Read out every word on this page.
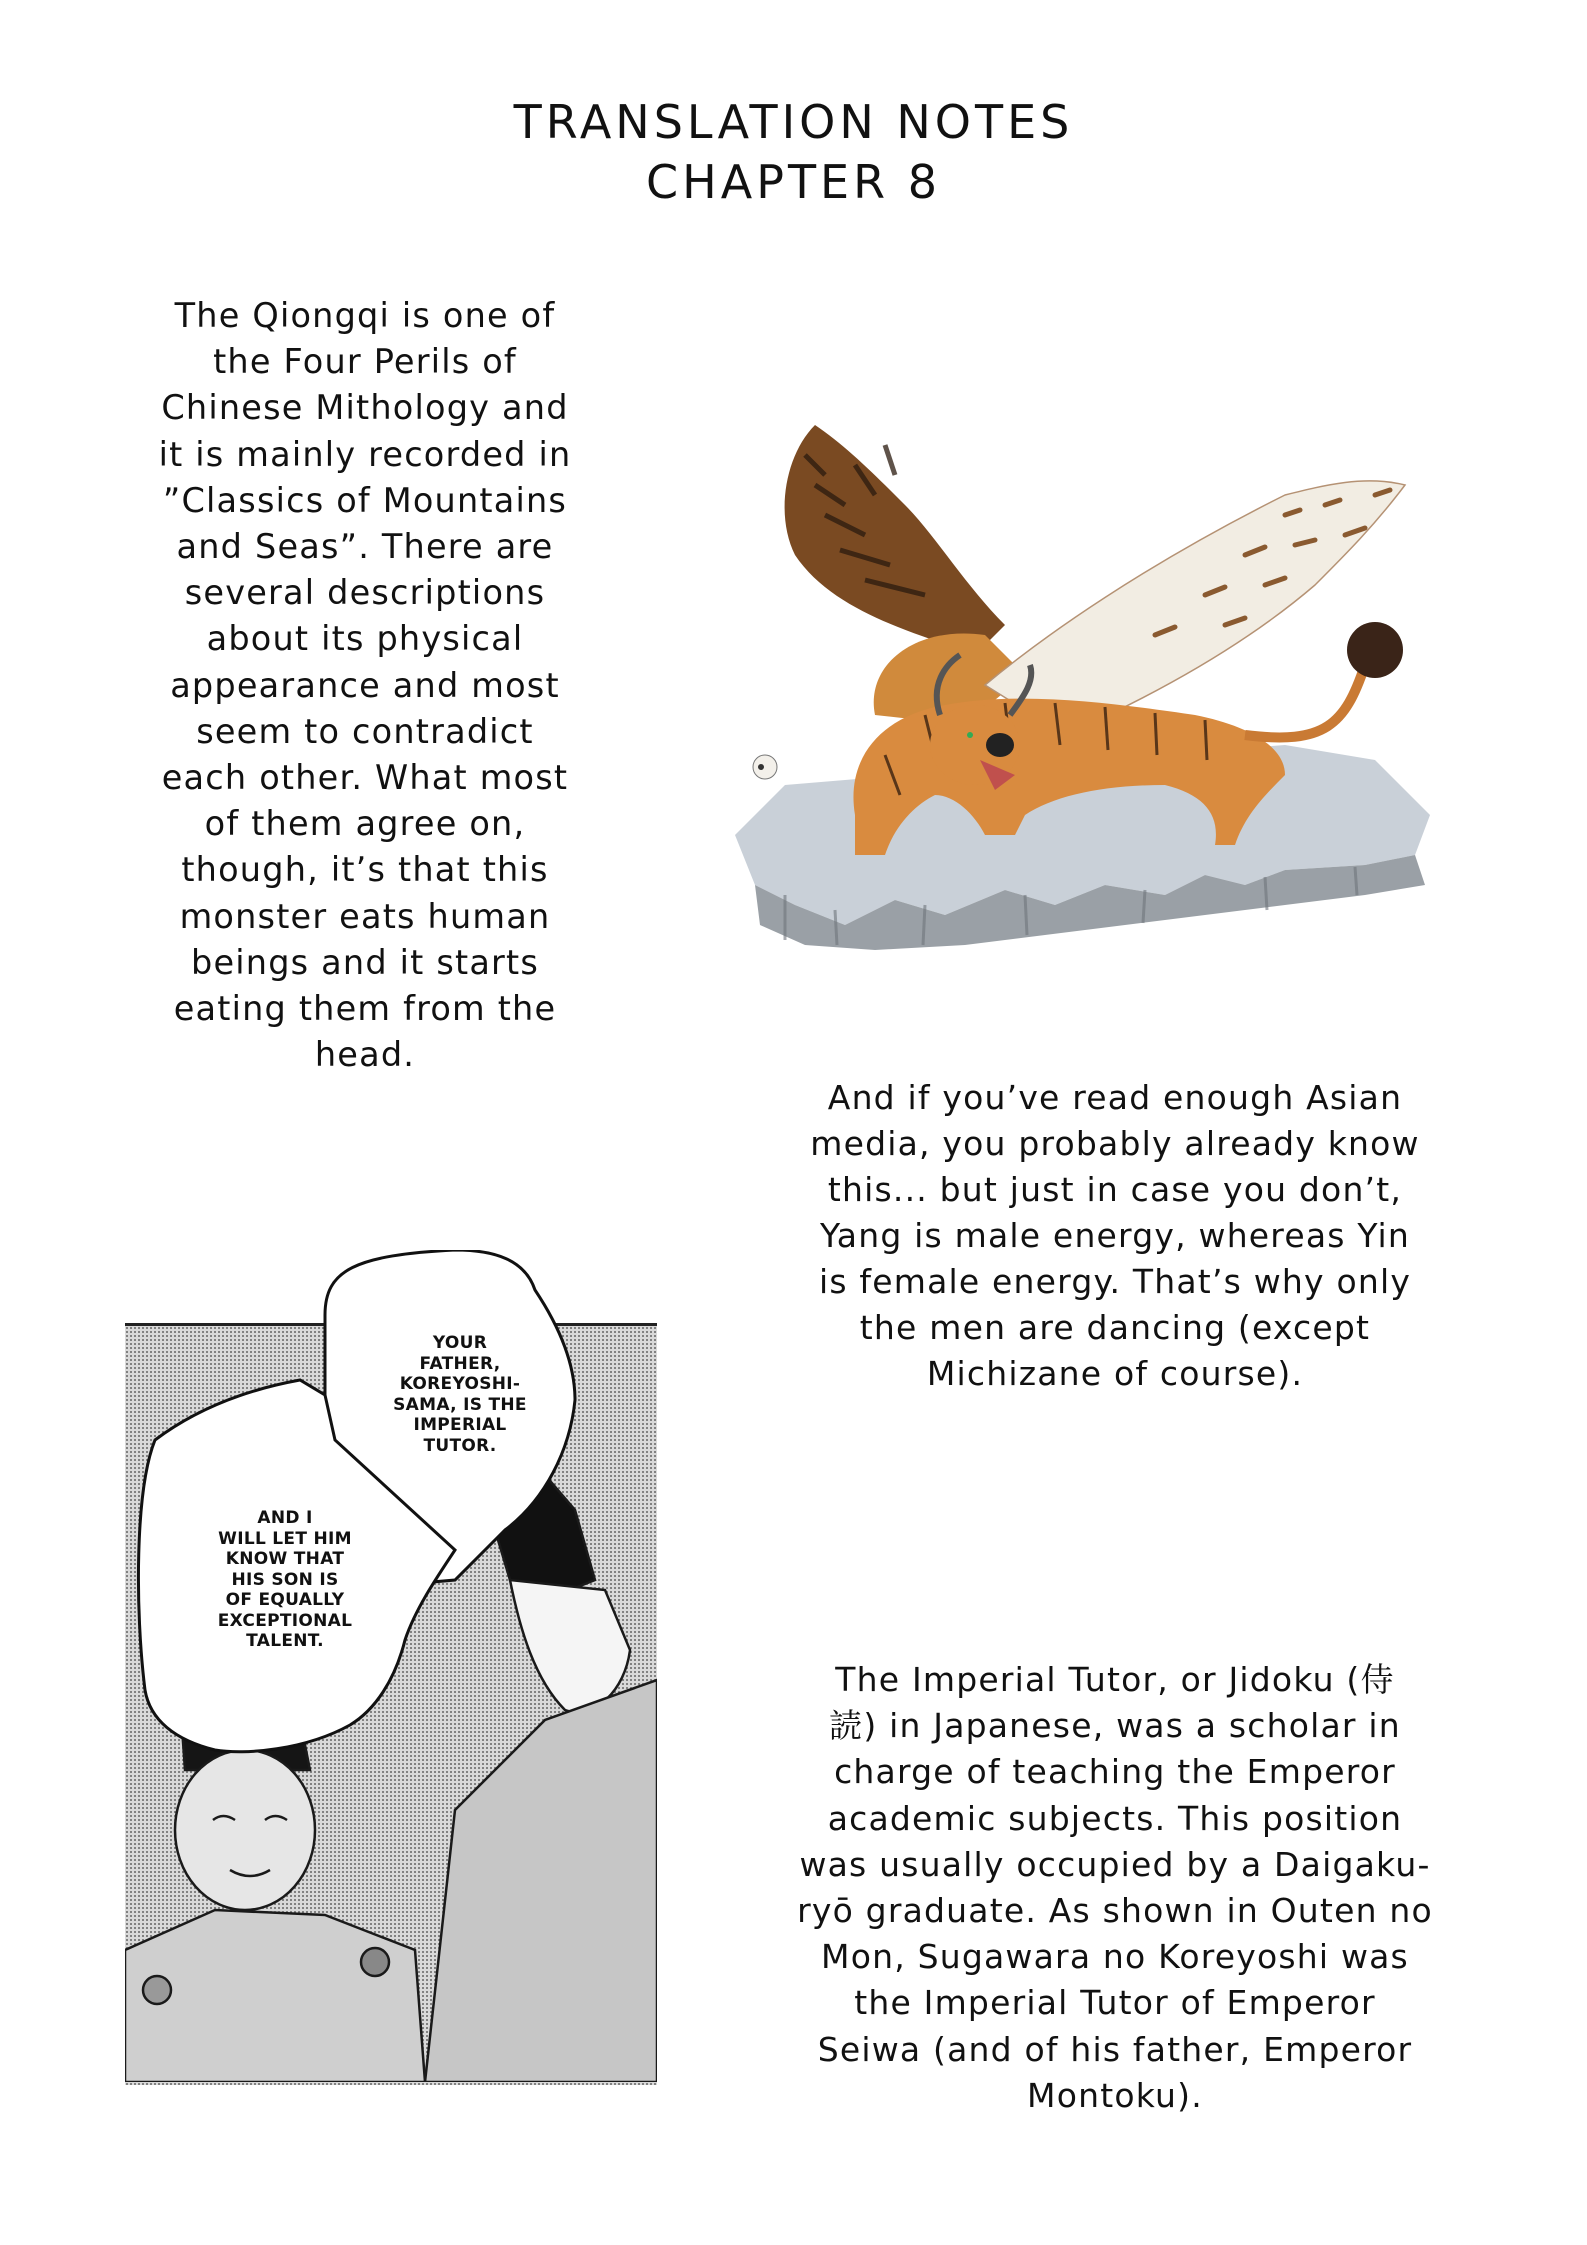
TRANSLATION NOTES
CHAPTER 8
The Qiongqi is one of
the Four Perils of
Chinese Mithology and
it is mainly recorded in
”Classics of Mountains
and Seas”. There are
several descriptions
about its physical
appearance and most
seem to contradict
each other. What most
of them agree on,
though, it’s that this
monster eats human
beings and it starts
eating them from the
head.
And if you’ve read enough Asian
media, you probably already know
this... but just in case you don’t,
Yang is male energy, whereas Yin
is female energy. That’s why only
the men are dancing (except
Michizane of course).
YOUR
FATHER,
KOREYOSHI-
SAMA, IS THE
IMPERIAL
TUTOR.
AND I
WILL LET HIM
KNOW THAT
HIS SON IS
OF EQUALLY
EXCEPTIONAL
TALENT.
The Imperial Tutor, or Jidoku (侍
読) in Japanese, was a scholar in
charge of teaching the Emperor
academic subjects. This position
was usually occupied by a Daigaku-
ryō graduate. As shown in Outen no
Mon, Sugawara no Koreyoshi was
the Imperial Tutor of Emperor
Seiwa (and of his father, Emperor
Montoku).
